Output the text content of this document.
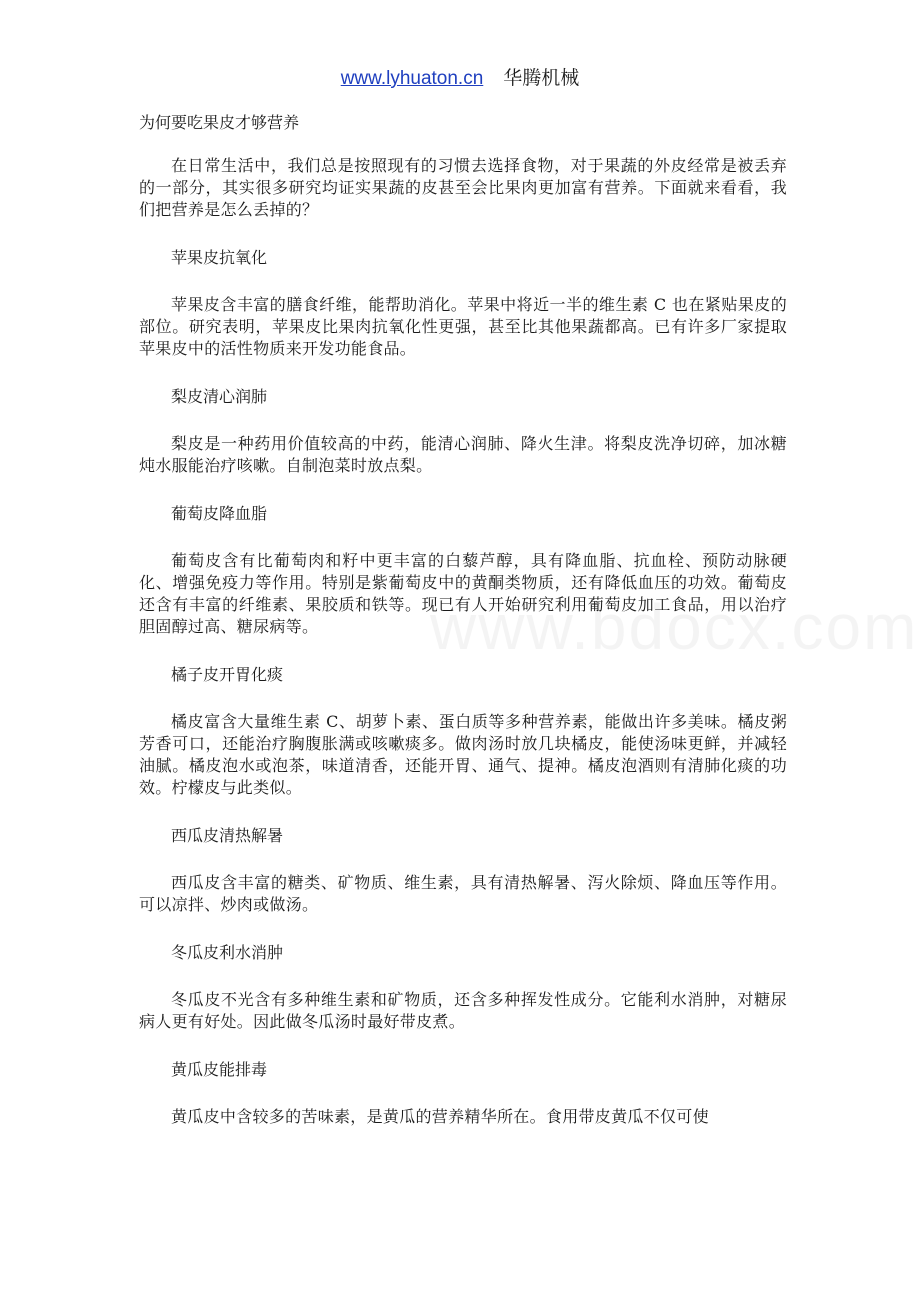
www.lyhuaton.cn 华腾机械

为何要吃果皮才够营养

在日常生活中，我们总是按照现有的习惯去选择食物，对于果蔬的外皮经常是被丢弃的一部分，其实很多研究均证实果蔬的皮甚至会比果肉更加富有营养。下面就来看看，我们把营养是怎么丢掉的？

苹果皮抗氧化

苹果皮含丰富的膳食纤维，能帮助消化。苹果中将近一半的维生素 C 也在紧贴果皮的部位。研究表明，苹果皮比果肉抗氧化性更强，甚至比其他果蔬都高。已有许多厂家提取苹果皮中的活性物质来开发功能食品。

梨皮清心润肺

梨皮是一种药用价值较高的中药，能清心润肺、降火生津。将梨皮洗净切碎，加冰糖炖水服能治疗咳嗽。自制泡菜时放点梨。

葡萄皮降血脂

葡萄皮含有比葡萄肉和籽中更丰富的白藜芦醇，具有降血脂、抗血栓、预防动脉硬化、增强免疫力等作用。特别是紫葡萄皮中的黄酮类物质，还有降低血压的功效。葡萄皮还含有丰富的纤维素、果胶质和铁等。现已有人开始研究利用葡萄皮加工食品，用以治疗胆固醇过高、糖尿病等。

橘子皮开胃化痰

橘皮富含大量维生素 C、胡萝卜素、蛋白质等多种营养素，能做出许多美味。橘皮粥芳香可口，还能治疗胸腹胀满或咳嗽痰多。做肉汤时放几块橘皮，能使汤味更鲜，并减轻油腻。橘皮泡水或泡茶，味道清香，还能开胃、通气、提神。橘皮泡酒则有清肺化痰的功效。柠檬皮与此类似。

西瓜皮清热解暑

西瓜皮含丰富的糖类、矿物质、维生素，具有清热解暑、泻火除烦、降血压等作用。可以凉拌、炒肉或做汤。

冬瓜皮利水消肿

冬瓜皮不光含有多种维生素和矿物质，还含多种挥发性成分。它能利水消肿，对糖尿病人更有好处。因此做冬瓜汤时最好带皮煮。

黄瓜皮能排毒

黄瓜皮中含较多的苦味素，是黄瓜的营养精华所在。食用带皮黄瓜不仅可使
